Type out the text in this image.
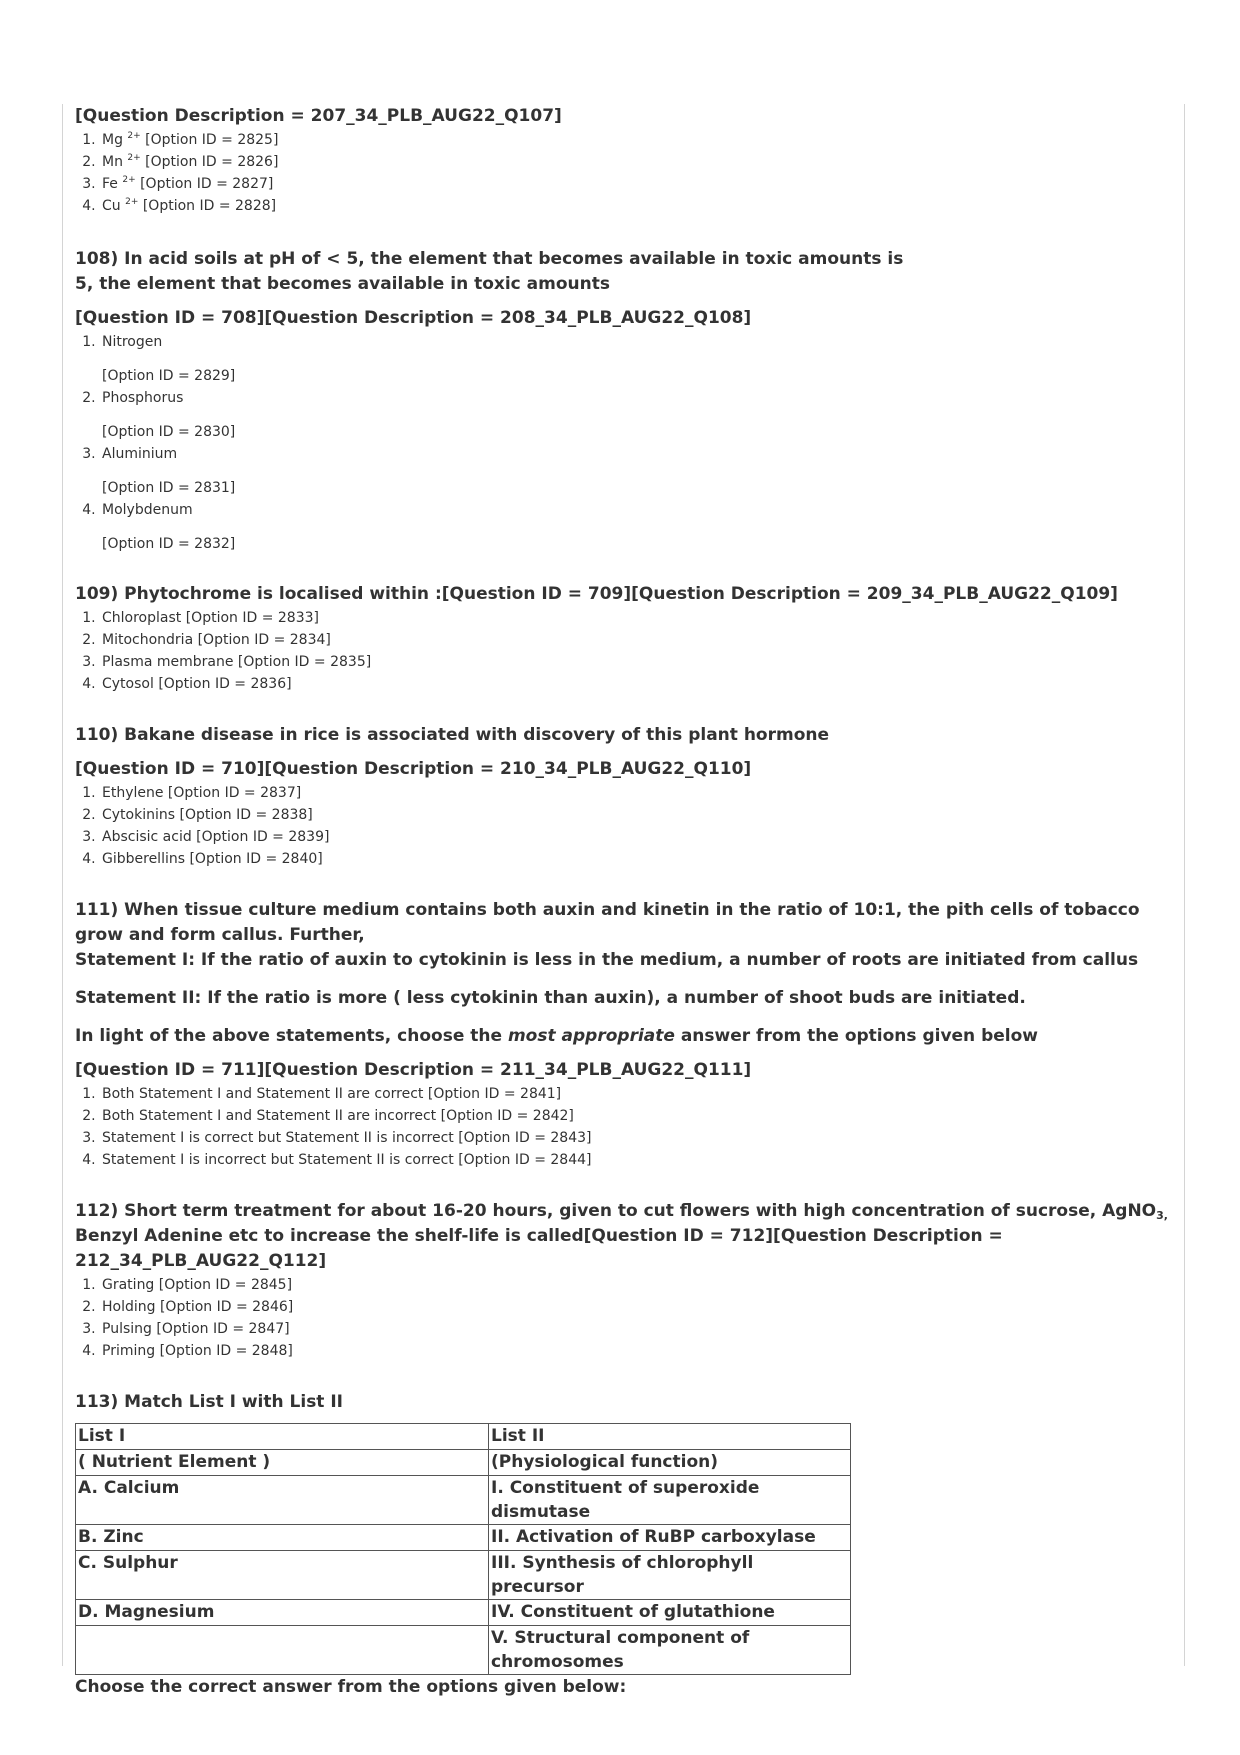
[Question Description = 207_34_PLB_AUG22_Q107]

1. Mg $^{2+}$ [Option ID = 2825]
2. Mn $^{2+}$ [Option ID = 2826]
3. Fe $^{2+}$ [Option ID = 2827]
4. Cu $^{2+}$ [Option ID = 2828]

108) In acid soils at pH of < 5, the element that becomes available in toxic amounts is
5, the element that becomes available in toxic amounts

[Question ID = 708][Question Description = 208_34_PLB_AUG22_Q108]

1. Nitrogen
[Option ID = 2829]
2. Phosphorus
[Option ID = 2830]
3. Aluminium
[Option ID = 2831]
4. Molybdenum
[Option ID = 2832]

109) Phytochrome is localised within :[Question ID = 709][Question Description = 209_34_PLB_AUG22_Q109]

1. Chloroplast [Option ID = 2833]
2. Mitochondria [Option ID = 2834]
3. Plasma membrane [Option ID = 2835]
4. Cytosol [Option ID = 2836]

110) Bakane disease in rice is associated with discovery of this plant hormone

[Question ID = 710][Question Description = 210_34_PLB_AUG22_Q110]

1. Ethylene [Option ID = 2837]
2. Cytokinins [Option ID = 2838]
3. Abscisic acid [Option ID = 2839]
4. Gibberellins [Option ID = 2840]

111) When tissue culture medium contains both auxin and kinetin in the ratio of 10:1, the pith cells of tobacco grow and form callus. Further,

Statement I: If the ratio of auxin to cytokinin is less in the medium, a number of roots are initiated from callus

Statement II: If the ratio is more ( less cytokinin than auxin), a number of shoot buds are initiated.

In light of the above statements, choose the most appropriate answer from the options given below

[Question ID = 711][Question Description = 211_34_PLB_AUG22_Q111]

1. Both Statement I and Statement II are correct [Option ID = 2841]
2. Both Statement I and Statement II are incorrect [Option ID = 2842]
3. Statement I is correct but Statement II is incorrect [Option ID = 2843]
4. Statement I is incorrect but Statement II is correct [Option ID = 2844]

112) Short term treatment for about 16-20 hours, given to cut flowers with high concentration of sucrose, AgNO$_{3,}$ Benzyl Adenine etc to increase the shelf-life is called[Question ID = 712][Question Description = 212_34_PLB_AUG22_Q112]

1. Grating [Option ID = 2845]
2. Holding [Option ID = 2846]
3. Pulsing [Option ID = 2847]
4. Priming [Option ID = 2848]

113) Match List I with List II

List I	List II
( Nutrient Element )	(Physiological function)
A. Calcium	I. Constituent of superoxide dismutase
B. Zinc	II. Activation of RuBP carboxylase
C. Sulphur	III. Synthesis of chlorophyll precursor
D. Magnesium	IV. Constituent of glutathione
	V. Structural component of chromosomes

Choose the correct answer from the options given below:
